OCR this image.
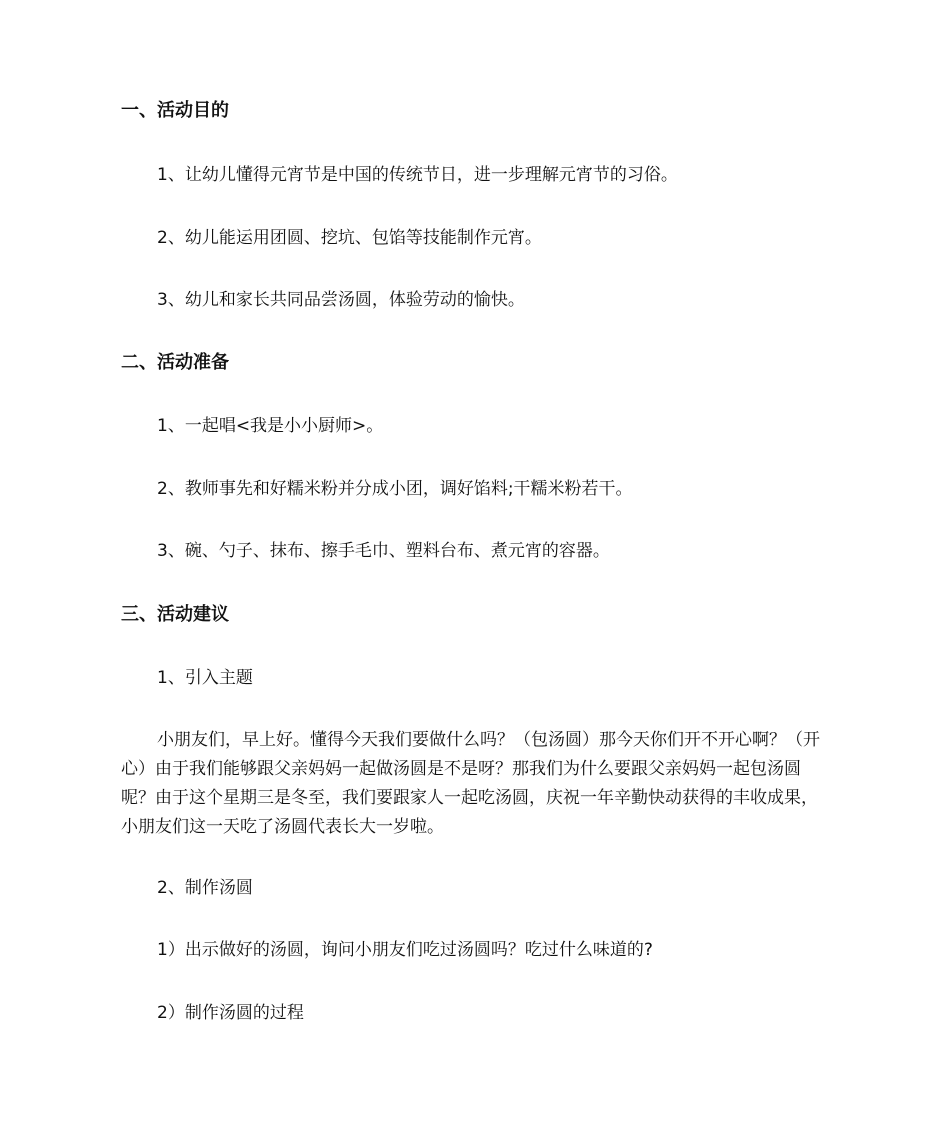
一、活动目的

1、让幼儿懂得元宵节是中国的传统节日，进一步理解元宵节的习俗。

2、幼儿能运用团圆、挖坑、包馅等技能制作元宵。

3、幼儿和家长共同品尝汤圆，体验劳动的愉快。

二、活动准备

1、一起唱<我是小小厨师>。

2、教师事先和好糯米粉并分成小团，调好馅料;干糯米粉若干。

3、碗、勺子、抹布、擦手毛巾、塑料台布、煮元宵的容器。

三、活动建议

1、引入主题

小朋友们，早上好。懂得今天我们要做什么吗？（包汤圆）那今天你们开不开心啊？（开心）由于我们能够跟父亲妈妈一起做汤圆是不是呀？那我们为什么要跟父亲妈妈一起包汤圆呢？由于这个星期三是冬至，我们要跟家人一起吃汤圆，庆祝一年辛勤快动获得的丰收成果，小朋友们这一天吃了汤圆代表长大一岁啦。

2、制作汤圆

1）出示做好的汤圆，询问小朋友们吃过汤圆吗？吃过什么味道的?

2）制作汤圆的过程
